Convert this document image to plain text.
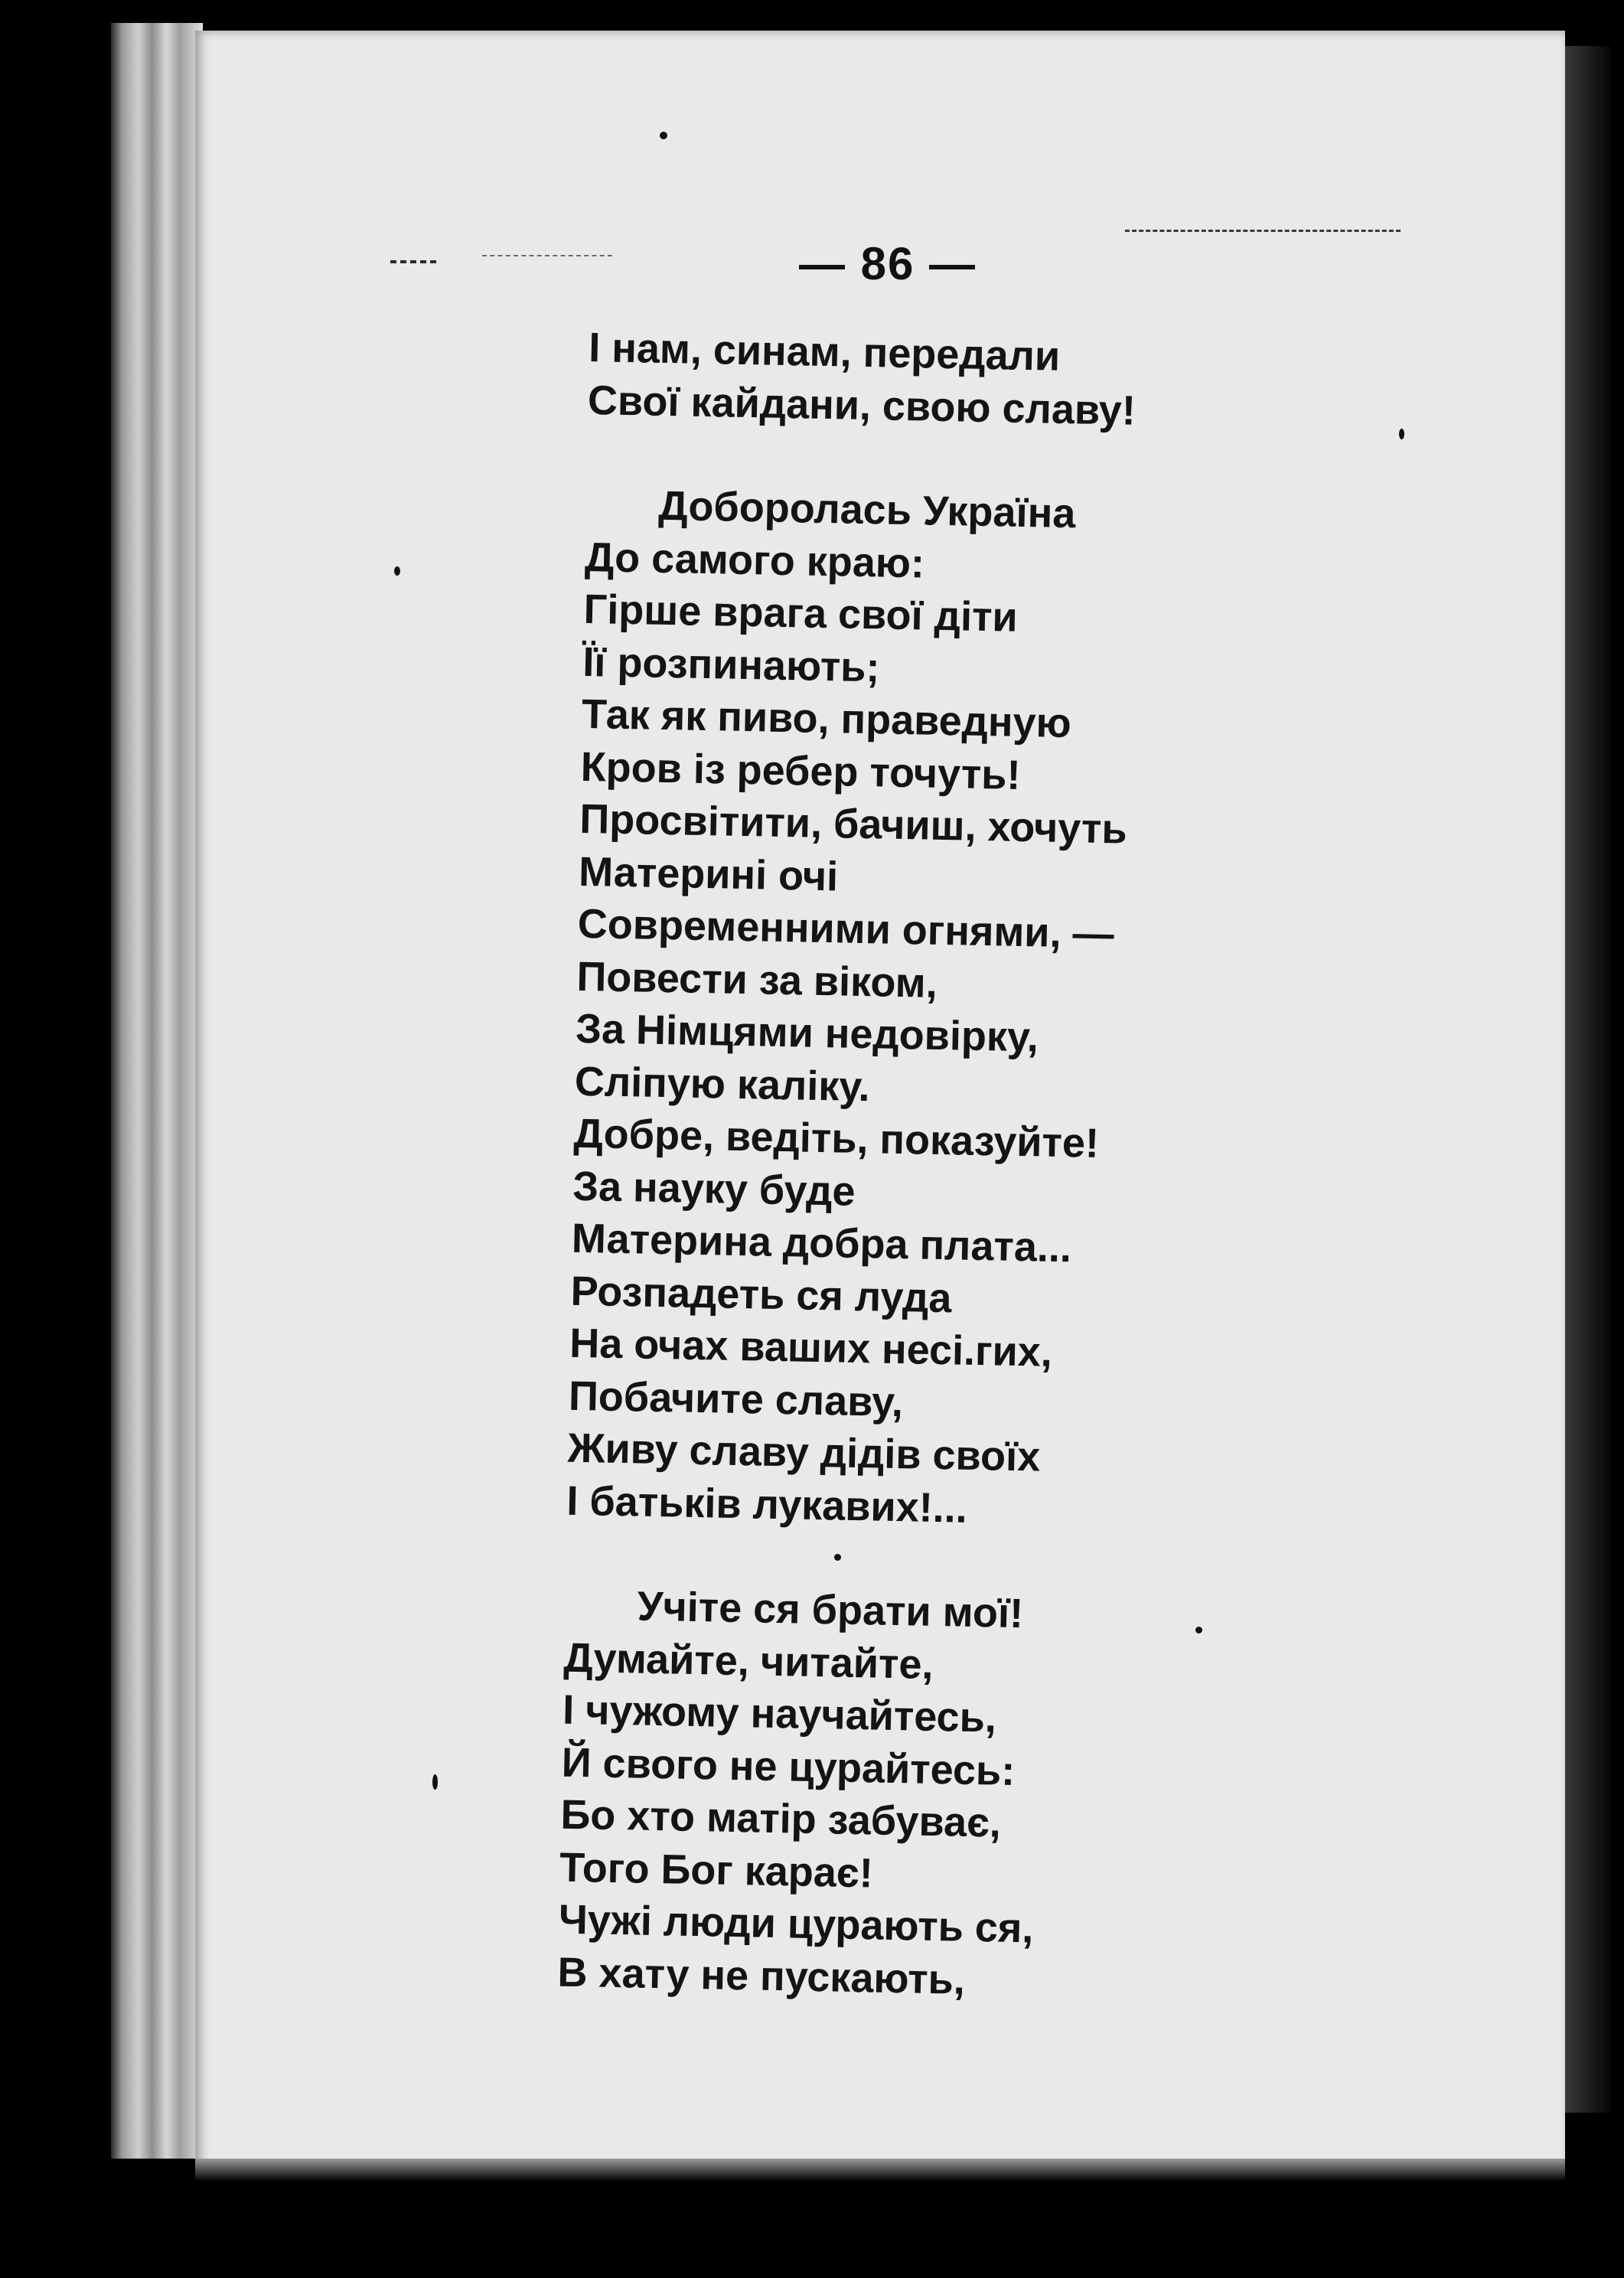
— 86 —
І нам, синам, передали
Свої кайдани, свою славу!
Доборолась Україна
До самого краю:
Гірше врага свої діти
Її розпинають;
Так як пиво, праведную
Кров із ребер точуть!
Просвітити, бачиш, хочуть
Материні очі
Современними огнями, —
Повести за віком,
За Німцями недовірку,
Сліпую каліку.
Добре, ведіть, показуйте!
За науку буде
Материна добра плата...
Розпадеть ся луда
На очах ваших несі.гих,
Побачите славу,
Живу славу дідів своїх
І батьків лукавих!...
Учіте ся брати мої!
Думайте, читайте,
І чужому научайтесь,
Й свого не цурайтесь:
Бо хто матір забуває,
Того Бог карає!
Чужі люди цурають ся,
В хату не пускають,
